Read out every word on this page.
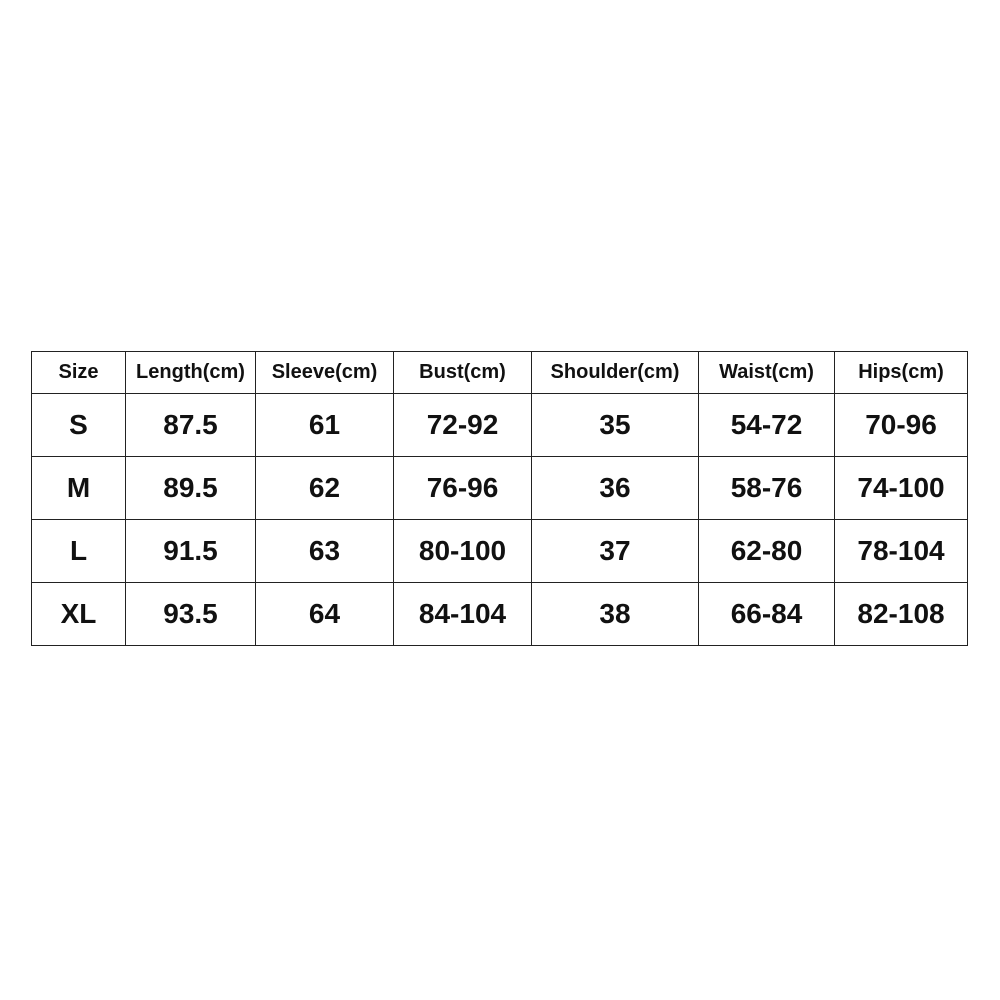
Size	Length(cm)	Sleeve(cm)	Bust(cm)	Shoulder(cm)	Waist(cm)	Hips(cm)
S	87.5	61	72-92	35	54-72	70-96
M	89.5	62	76-96	36	58-76	74-100
L	91.5	63	80-100	37	62-80	78-104
XL	93.5	64	84-104	38	66-84	82-108
